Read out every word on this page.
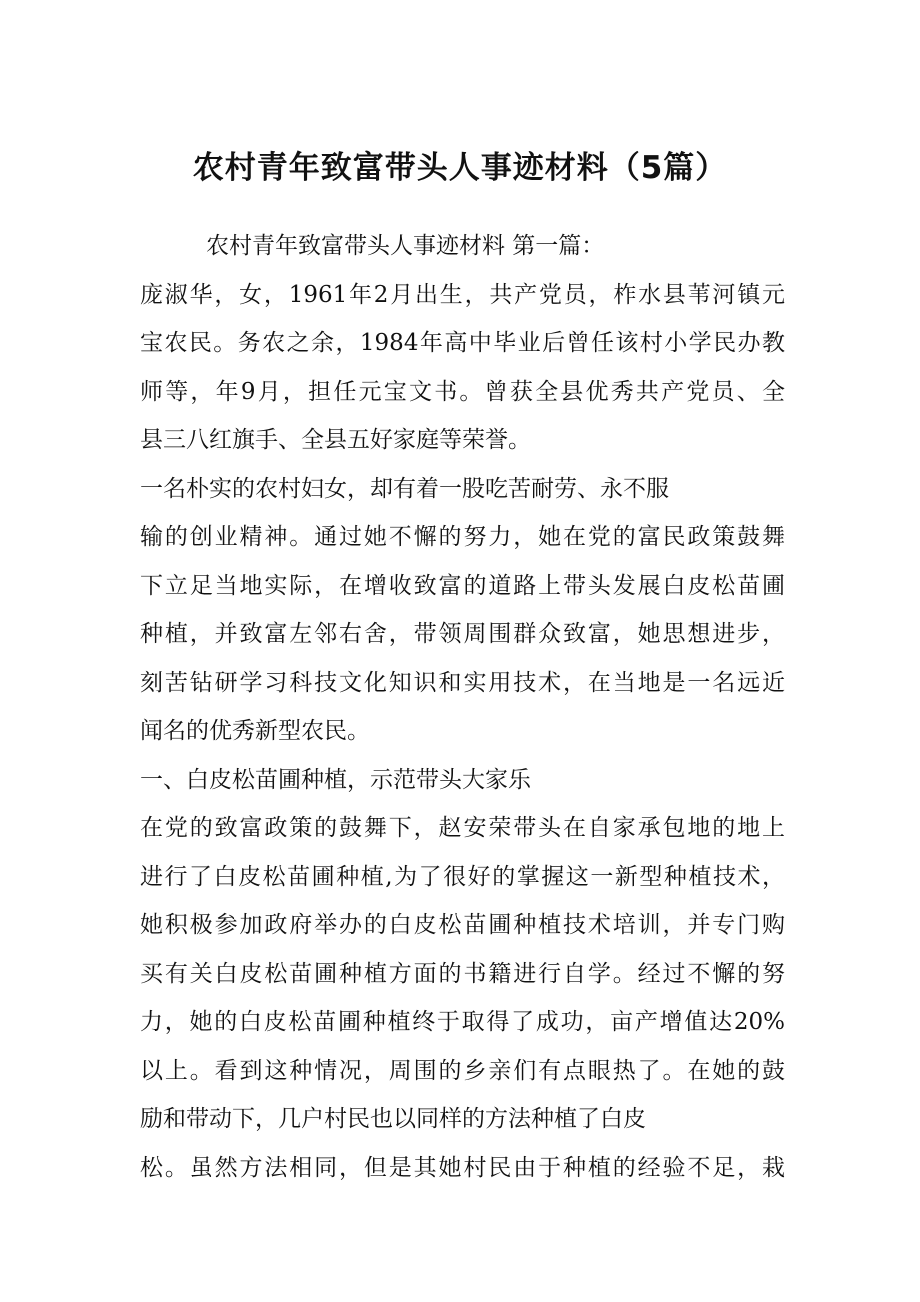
农村青年致富带头人事迹材料（5篇）
农村青年致富带头人事迹材料 第一篇：
庞淑华，女，1961年2月出生，共产党员，柞水县苇河镇元
宝农民。务农之余，1984年高中毕业后曾任该村小学民办教
师等，年9月，担任元宝文书。曾获全县优秀共产党员、全
县三八红旗手、全县五好家庭等荣誉。
一名朴实的农村妇女，却有着一股吃苦耐劳、永不服
输的创业精神。通过她不懈的努力，她在党的富民政策鼓舞
下立足当地实际，在增收致富的道路上带头发展白皮松苗圃
种植，并致富左邻右舍，带领周围群众致富，她思想进步，
刻苦钻研学习科技文化知识和实用技术，在当地是一名远近
闻名的优秀新型农民。
一、白皮松苗圃种植，示范带头大家乐
在党的致富政策的鼓舞下，赵安荣带头在自家承包地的地上
进行了白皮松苗圃种植,为了很好的掌握这一新型种植技术，
她积极参加政府举办的白皮松苗圃种植技术培训，并专门购
买有关白皮松苗圃种植方面的书籍进行自学。经过不懈的努
力，她的白皮松苗圃种植终于取得了成功，亩产增值达20%
以上。看到这种情况，周围的乡亲们有点眼热了。在她的鼓
励和带动下，几户村民也以同样的方法种植了白皮
松。虽然方法相同，但是其她村民由于种植的经验不足，栽
